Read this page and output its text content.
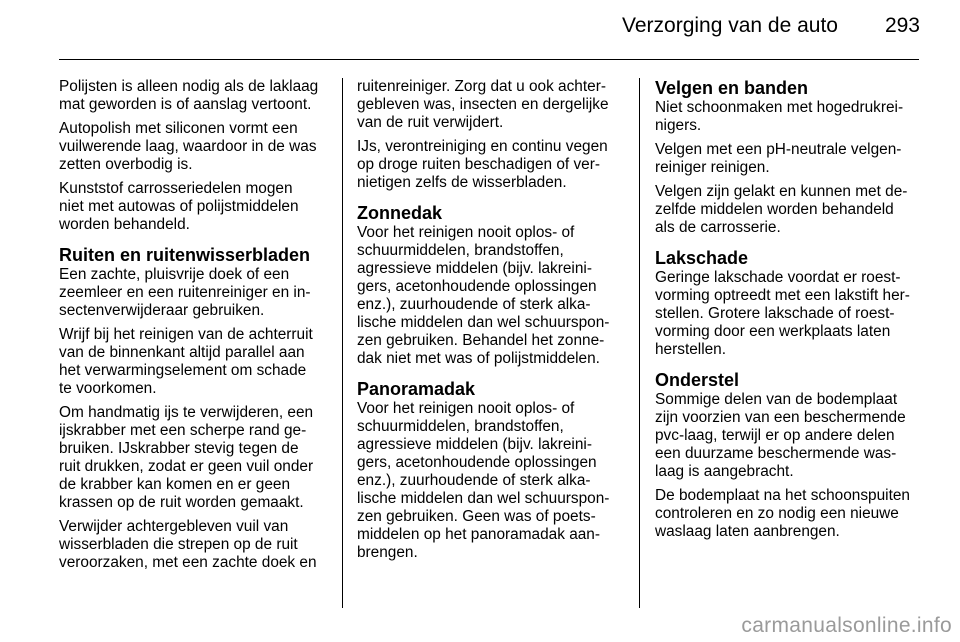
Verzorging van de auto 293

Polijsten is alleen nodig als de laklaag
mat geworden is of aanslag vertoont.

Autopolish met siliconen vormt een
vuilwerende laag, waardoor in de was
zetten overbodig is.

Kunststof carrosseriedelen mogen
niet met autowas of polijstmiddelen
worden behandeld.

Ruiten en ruitenwisserbladen

Een zachte, pluisvrije doek of een
zeemleer en een ruitenreiniger en in-
sectenverwijderaar gebruiken.

Wrijf bij het reinigen van de achterruit
van de binnenkant altijd parallel aan
het verwarmingselement om schade
te voorkomen.

Om handmatig ijs te verwijderen, een
ijskrabber met een scherpe rand ge-
bruiken. IJskrabber stevig tegen de
ruit drukken, zodat er geen vuil onder
de krabber kan komen en er geen
krassen op de ruit worden gemaakt.

Verwijder achtergebleven vuil van
wisserbladen die strepen op de ruit
veroorzaken, met een zachte doek en

ruitenreiniger. Zorg dat u ook achter-
gebleven was, insecten en dergelijke
van de ruit verwijdert.

IJs, verontreiniging en continu vegen
op droge ruiten beschadigen of ver-
nietigen zelfs de wisserbladen.

Zonnedak

Voor het reinigen nooit oplos- of
schuurmiddelen, brandstoffen,
agressieve middelen (bijv. lakreini-
gers, acetonhoudende oplossingen
enz.), zuurhoudende of sterk alka-
lische middelen dan wel schuurspon-
zen gebruiken. Behandel het zonne-
dak niet met was of polijstmiddelen.

Panoramadak

Voor het reinigen nooit oplos- of
schuurmiddelen, brandstoffen,
agressieve middelen (bijv. lakreini-
gers, acetonhoudende oplossingen
enz.), zuurhoudende of sterk alka-
lische middelen dan wel schuurspon-
zen gebruiken. Geen was of poets-
middelen op het panoramadak aan-
brengen.

Velgen en banden

Niet schoonmaken met hogedrukrei-
nigers.

Velgen met een pH-neutrale velgen-
reiniger reinigen.

Velgen zijn gelakt en kunnen met de-
zelfde middelen worden behandeld
als de carrosserie.

Lakschade

Geringe lakschade voordat er roest-
vorming optreedt met een lakstift her-
stellen. Grotere lakschade of roest-
vorming door een werkplaats laten
herstellen.

Onderstel

Sommige delen van de bodemplaat
zijn voorzien van een beschermende
pvc-laag, terwijl er op andere delen
een duurzame beschermende was-
laag is aangebracht.

De bodemplaat na het schoonspuiten
controleren en zo nodig een nieuwe
waslaag laten aanbrengen.

carmanualsonline.info
